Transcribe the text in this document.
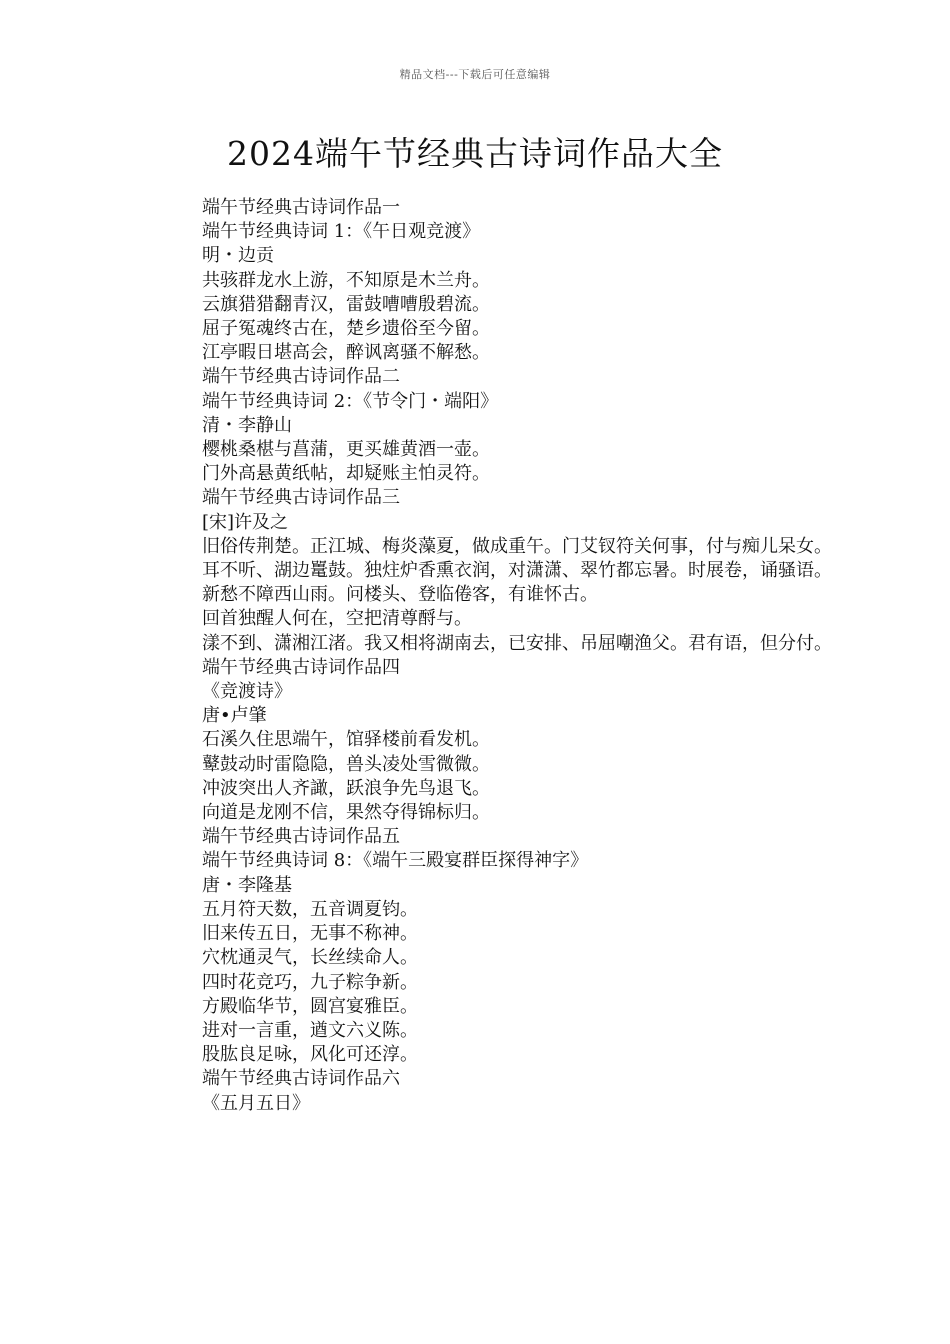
精品文档---下载后可任意编辑
2024端午节经典古诗词作品大全
端午节经典古诗词作品一
端午节经典诗词 1：《午日观竞渡》
明・边贡
共骇群龙水上游，不知原是木兰舟。
云旗猎猎翻青汉，雷鼓嘈嘈殷碧流。
屈子冤魂终古在，楚乡遗俗至今留。
江亭暇日堪高会，醉讽离骚不解愁。
端午节经典古诗词作品二
端午节经典诗词 2：《节令门・端阳》
清・李静山
樱桃桑椹与菖蒲，更买雄黄酒一壶。
门外高悬黄纸帖，却疑账主怕灵符。
端午节经典古诗词作品三
[宋]许及之
旧俗传荆楚。正江城、梅炎藻夏，做成重午。门艾钗符关何事，付与痴儿呆女。
耳不听、湖边鼍鼓。独炷炉香熏衣润，对潇潇、翠竹都忘暑。时展卷，诵骚语。
新愁不障西山雨。问楼头、登临倦客，有谁怀古。
回首独醒人何在，空把清尊酹与。
漾不到、潇湘江渚。我又相将湖南去，已安排、吊屈嘲渔父。君有语，但分付。
端午节经典古诗词作品四
《竞渡诗》
唐•卢肇
石溪久住思端午，馆驿楼前看发机。
鼙鼓动时雷隐隐，兽头凌处雪微微。
冲波突出人齐譀，跃浪争先鸟退飞。
向道是龙刚不信，果然夺得锦标归。
端午节经典古诗词作品五
端午节经典诗词 8：《端午三殿宴群臣探得神字》
唐・李隆基
五月符天数，五音调夏钧。
旧来传五日，无事不称神。
穴枕通灵气，长丝续命人。
四时花竞巧，九子粽争新。
方殿临华节，圆宫宴雅臣。
进对一言重，遒文六义陈。
股肱良足咏，风化可还淳。
端午节经典古诗词作品六
《五月五日》
